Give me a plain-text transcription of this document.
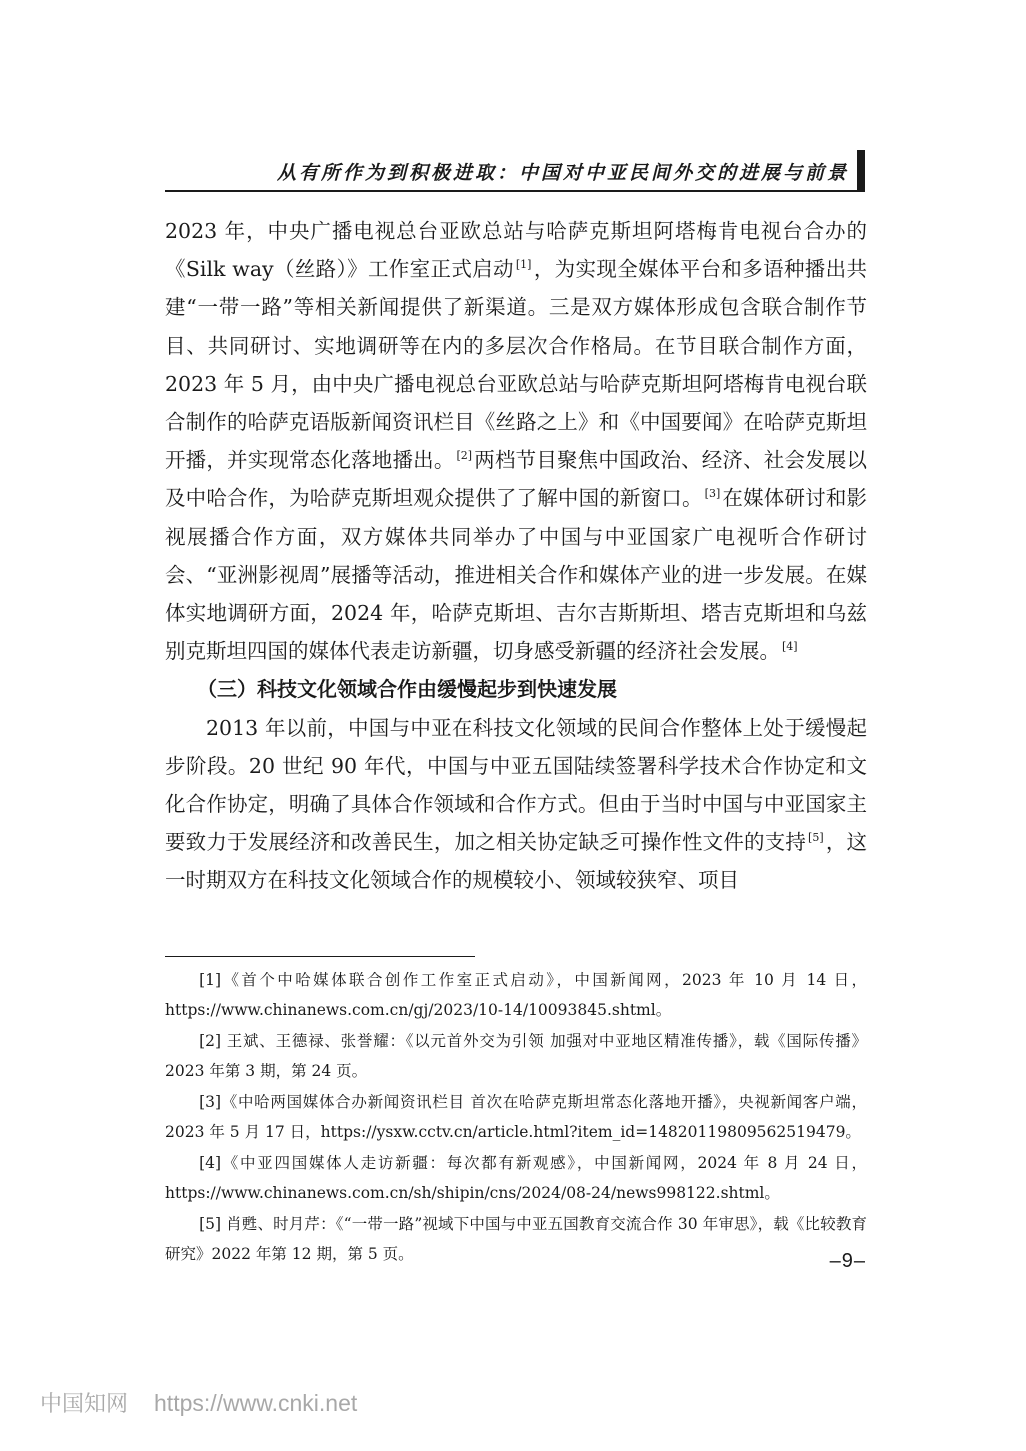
从有所作为到积极进取：中国对中亚民间外交的进展与前景

2023 年，中央广播电视总台亚欧总站与哈萨克斯坦阿塔梅肯电视台合办的《Silk way（丝路）》工作室正式启动 [1]，为实现全媒体平台和多语种播出共建“一带一路”等相关新闻提供了新渠道。三是双方媒体形成包含联合制作节目、共同研讨、实地调研等在内的多层次合作格局。在节目联合制作方面，2023 年 5 月，由中央广播电视总台亚欧总站与哈萨克斯坦阿塔梅肯电视台联合制作的哈萨克语版新闻资讯栏目《丝路之上》和《中国要闻》在哈萨克斯坦开播，并实现常态化落地播出。 [2]两档节目聚焦中国政治、经济、社会发展以及中哈合作，为哈萨克斯坦观众提供了了解中国的新窗口。 [3]在媒体研讨和影视展播合作方面，双方媒体共同举办了中国与中亚国家广电视听合作研讨会、“亚洲影视周”展播等活动，推进相关合作和媒体产业的进一步发展。在媒体实地调研方面，2024 年，哈萨克斯坦、吉尔吉斯斯坦、塔吉克斯坦和乌兹别克斯坦四国的媒体代表走访新疆，切身感受新疆的经济社会发展。 [4]

（三）科技文化领域合作由缓慢起步到快速发展

2013 年以前，中国与中亚在科技文化领域的民间合作整体上处于缓慢起步阶段。20 世纪 90 年代，中国与中亚五国陆续签署科学技术合作协定和文化合作协定，明确了具体合作领域和合作方式。但由于当时中国与中亚国家主要致力于发展经济和改善民生，加之相关协定缺乏可操作性文件的支持 [5]，这一时期双方在科技文化领域合作的规模较小、领域较狭窄、项目

[1]《首个中哈媒体联合创作工作室正式启动》，中国新闻网，2023 年 10 月 14 日，https://www.chinanews.com.cn/gj/2023/10-14/10093845.shtml。
[2] 王斌、王德禄、张誉耀：《以元首外交为引领 加强对中亚地区精准传播》，载《国际传播》2023 年第 3 期，第 24 页。
[3]《中哈两国媒体合办新闻资讯栏目 首次在哈萨克斯坦常态化落地开播》，央视新闻客户端，2023 年 5 月 17 日，https://ysxw.cctv.cn/article.html?item_id=14820119809562519479。
[4]《中亚四国媒体人走访新疆：每次都有新观感》，中国新闻网，2024 年 8 月 24 日，https://www.chinanews.com.cn/sh/shipin/cns/2024/08-24/news998122.shtml。
[5] 肖甦、时月芹：《“一带一路”视域下中国与中亚五国教育交流合作 30 年审思》，载《比较教育研究》2022 年第 12 期，第 5 页。	–9–
中国知网 https://www.cnki.net
